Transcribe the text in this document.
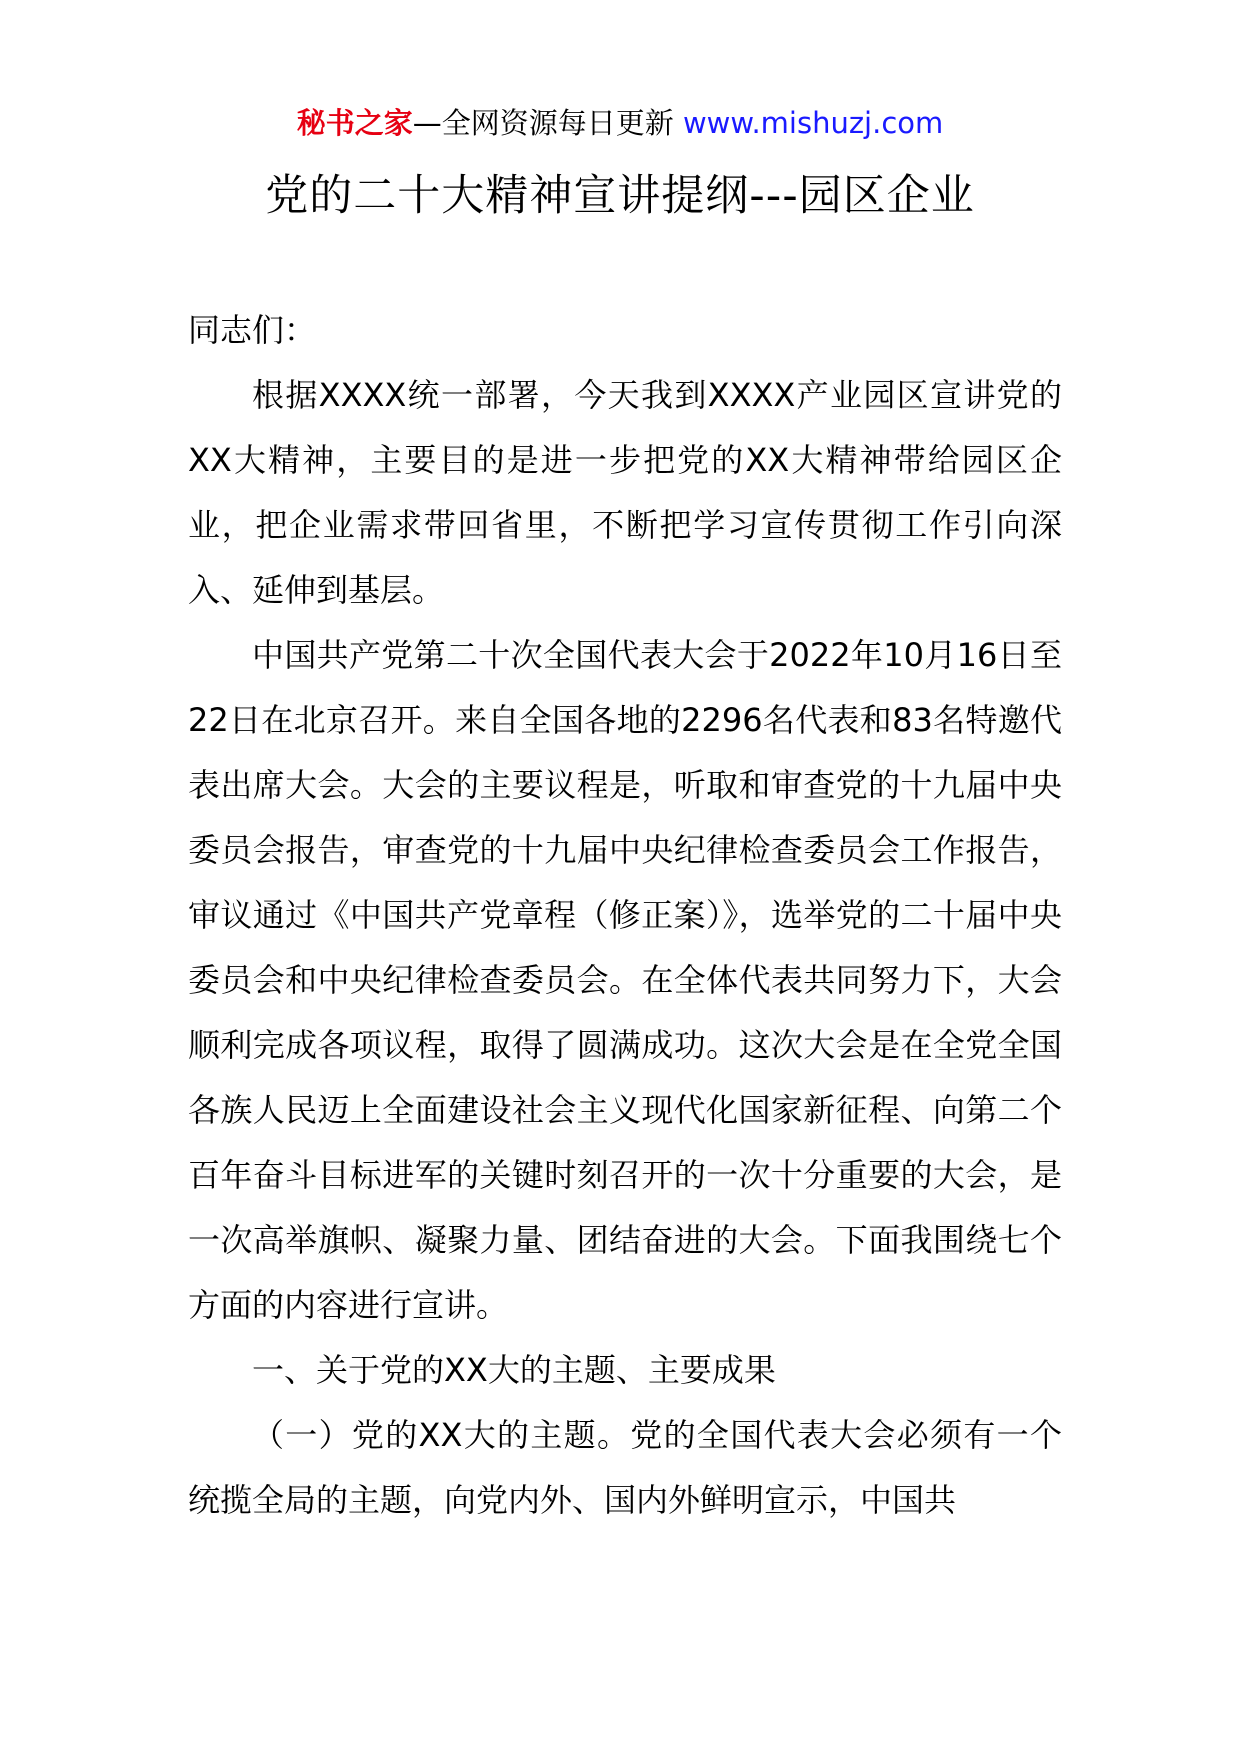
秘书之家—全网资源每日更新 www.mishuzj.com
党的二十大精神宣讲提纲---园区企业

同志们：

根据XXXX统一部署，今天我到XXXX产业园区宣讲党的XX大精神，主要目的是进一步把党的XX大精神带给园区企业，把企业需求带回省里，不断把学习宣传贯彻工作引向深入、延伸到基层。

中国共产党第二十次全国代表大会于2022年10月16日至22日在北京召开。来自全国各地的2296名代表和83名特邀代表出席大会。大会的主要议程是，听取和审查党的十九届中央委员会报告，审查党的十九届中央纪律检查委员会工作报告，审议通过《中国共产党章程（修正案）》，选举党的二十届中央委员会和中央纪律检查委员会。在全体代表共同努力下，大会顺利完成各项议程，取得了圆满成功。这次大会是在全党全国各族人民迈上全面建设社会主义现代化国家新征程、向第二个百年奋斗目标进军的关键时刻召开的一次十分重要的大会，是一次高举旗帜、凝聚力量、团结奋进的大会。下面我围绕七个方面的内容进行宣讲。

一、关于党的XX大的主题、主要成果

（一）党的XX大的主题。党的全国代表大会必须有一个统揽全局的主题，向党内外、国内外鲜明宣示，中国共
